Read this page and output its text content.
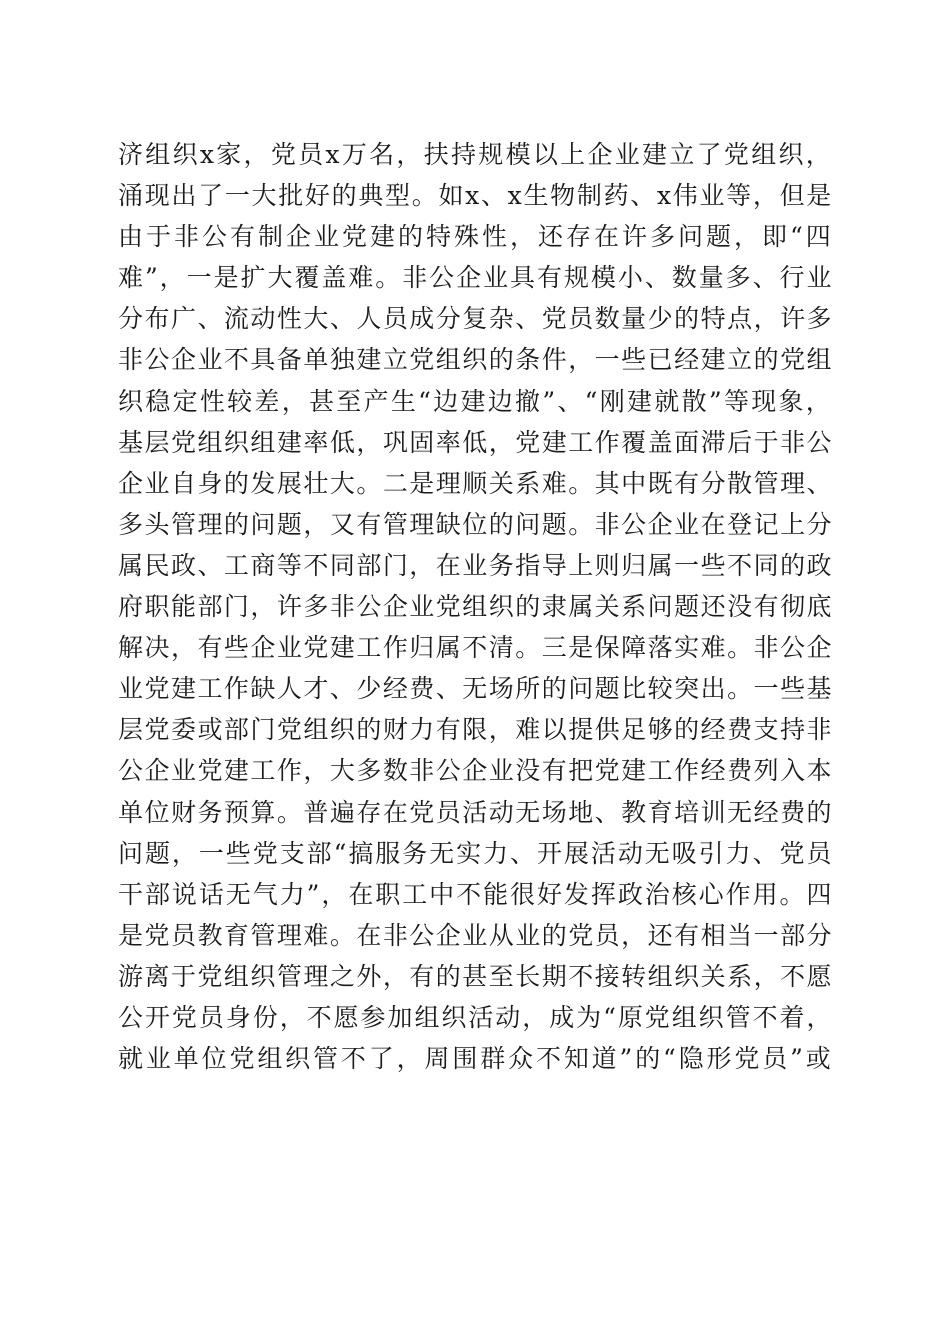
济组织x家，党员x万名，扶持规模以上企业建立了党组织，
涌现出了一大批好的典型。如x、x生物制药、x伟业等，但是
由于非公有制企业党建的特殊性，还存在许多问题，即“四
难”，一是扩大覆盖难。非公企业具有规模小、数量多、行业
分布广、流动性大、人员成分复杂、党员数量少的特点，许多
非公企业不具备单独建立党组织的条件，一些已经建立的党组
织稳定性较差，甚至产生“边建边撤”、“刚建就散”等现象，
基层党组织组建率低，巩固率低，党建工作覆盖面滞后于非公
企业自身的发展壮大。二是理顺关系难。其中既有分散管理、
多头管理的问题，又有管理缺位的问题。非公企业在登记上分
属民政、工商等不同部门，在业务指导上则归属一些不同的政
府职能部门，许多非公企业党组织的隶属关系问题还没有彻底
解决，有些企业党建工作归属不清。三是保障落实难。非公企
业党建工作缺人才、少经费、无场所的问题比较突出。一些基
层党委或部门党组织的财力有限，难以提供足够的经费支持非
公企业党建工作，大多数非公企业没有把党建工作经费列入本
单位财务预算。普遍存在党员活动无场地、教育培训无经费的
问题，一些党支部“搞服务无实力、开展活动无吸引力、党员
干部说话无气力”，在职工中不能很好发挥政治核心作用。四
是党员教育管理难。在非公企业从业的党员，还有相当一部分
游离于党组织管理之外，有的甚至长期不接转组织关系，不愿
公开党员身份，不愿参加组织活动，成为“原党组织管不着，
就业单位党组织管不了，周围群众不知道”的“隐形党员”或
